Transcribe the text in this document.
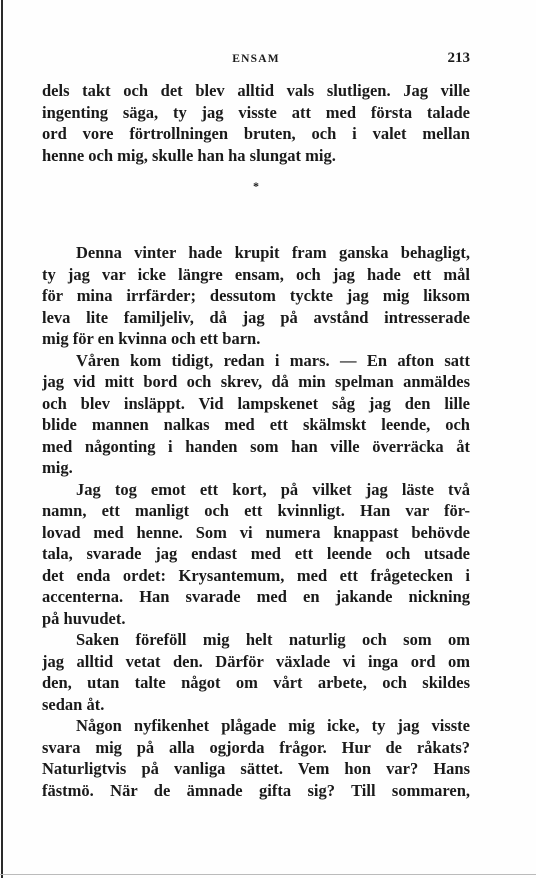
ENSAM	213
dels takt och det blev alltid vals slutligen. Jag ville
ingenting säga, ty jag visste att med första talade
ord vore förtrollningen bruten, och i valet mellan
henne och mig, skulle han ha slungat mig.
*
Denna vinter hade krupit fram ganska behagligt,
ty jag var icke längre ensam, och jag hade ett mål
för mina irrfärder; dessutom tyckte jag mig liksom
leva lite familjeliv, då jag på avstånd intresserade
mig för en kvinna och ett barn.
Våren kom tidigt, redan i mars. — En afton satt
jag vid mitt bord och skrev, då min spelman anmäldes
och blev insläppt. Vid lampskenet såg jag den lille
blide mannen nalkas med ett skälmskt leende, och
med någonting i handen som han ville överräcka åt
mig.
Jag tog emot ett kort, på vilket jag läste två
namn, ett manligt och ett kvinnligt. Han var för-
lovad med henne. Som vi numera knappast behövde
tala, svarade jag endast med ett leende och utsade
det enda ordet: Krysantemum, med ett frågetecken i
accenterna. Han svarade med en jakande nickning
på huvudet.
Saken föreföll mig helt naturlig och som om
jag alltid vetat den. Därför växlade vi inga ord om
den, utan talte något om vårt arbete, och skildes
sedan åt.
Någon nyfikenhet plågade mig icke, ty jag visste
svara mig på alla ogjorda frågor. Hur de råkats?
Naturligtvis på vanliga sättet. Vem hon var? Hans
fästmö. När de ämnade gifta sig? Till sommaren,
